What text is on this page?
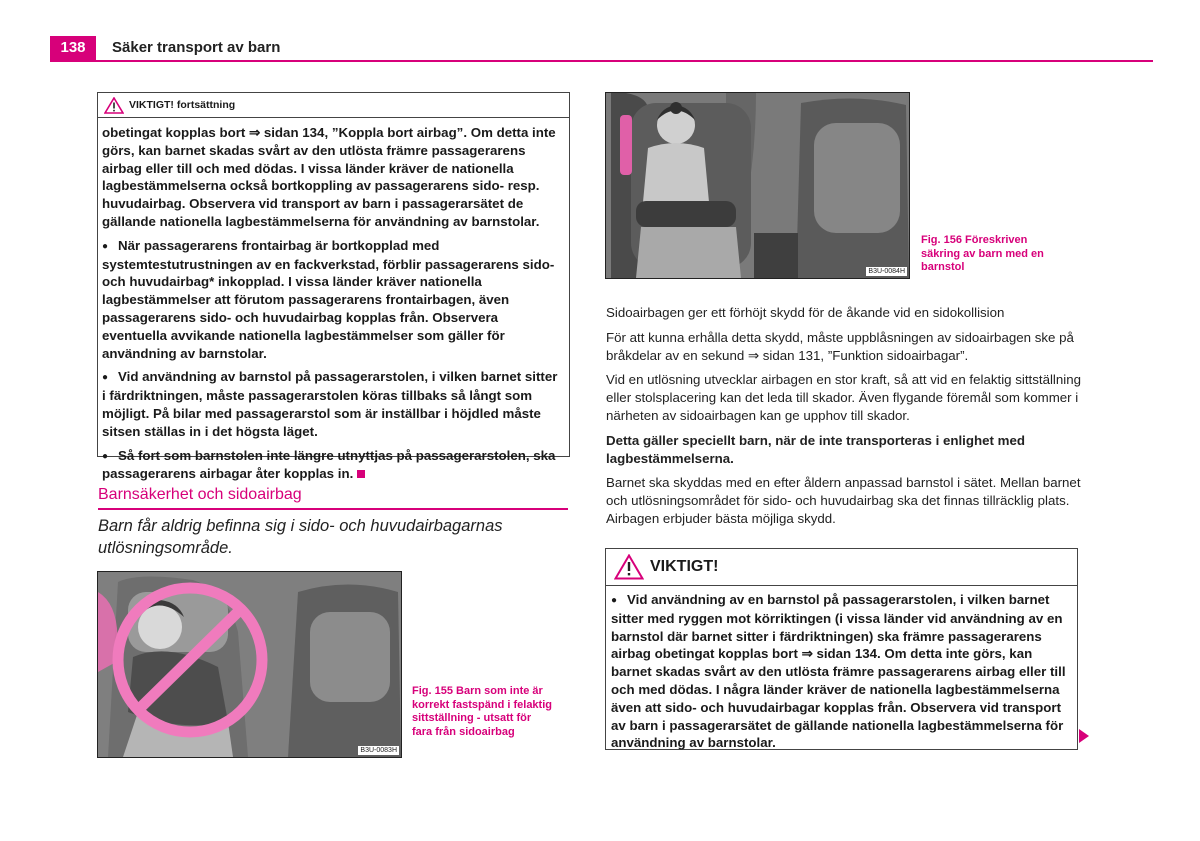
138	Säker transport av barn
VIKTIGT! fortsättning

obetingat kopplas bort ⇒ sidan 134, ”Koppla bort airbag”. Om detta inte görs, kan barnet skadas svårt av den utlösta främre passagerarens airbag eller till och med dödas. I vissa länder kräver de nationella lagbestämmelserna också bortkoppling av passagerarens sido- resp. huvudairbag. Observera vid transport av barn i passagerarsätet de gällande nationella lagbestämmelserna för användning av barnstolar.

● När passagerarens frontairbag är bortkopplad med systemtestutrustningen av en fackverkstad, förblir passagerarens sido- och huvudairbag* inkopplad. I vissa länder kräver nationella lagbestämmelser att förutom passagerarens frontairbagen, även passagerarens sido- och huvudairbag kopplas från. Observera eventuella avvikande nationella lagbestämmelser som gäller för användning av barnstolar.

● Vid användning av barnstol på passagerarstolen, i vilken barnet sitter i färdriktningen, måste passagerarstolen köras tillbaks så långt som möjligt. På bilar med passagerarstol som är inställbar i höjdled måste sitsen ställas in i det högsta läget.

● Så fort som barnstolen inte längre utnyttjas på passagerarstolen, ska passagerarens airbagar åter kopplas in.

Barnsäkerhet och sidoairbag
Barn får aldrig befinna sig i sido- och huvudairbagarnas utlösningsområde.
B3U-0083H
Fig. 155 Barn som inte är korrekt fastspänd i felaktig sittställning - utsatt för fara från sidoairbag
B3U-0084H
Fig. 156 Föreskriven säkring av barn med en barnstol

Sidoairbagen ger ett förhöjt skydd för de åkande vid en sidokollision

För att kunna erhålla detta skydd, måste uppblåsningen av sidoairbagen ske på bråkdelar av en sekund ⇒ sidan 131, ”Funktion sidoairbagar”.

Vid en utlösning utvecklar airbagen en stor kraft, så att vid en felaktig sittställning eller stolsplacering kan det leda till skador. Även flygande föremål som kommer i närheten av sidoairbagen kan ge upphov till skador.

Detta gäller speciellt barn, när de inte transporteras i enlighet med lagbestämmelserna.

Barnet ska skyddas med en efter åldern anpassad barnstol i sätet. Mellan barnet och utlösningsområdet för sido- och huvudairbag ska det finnas tillräcklig plats. Airbagen erbjuder bästa möjliga skydd.

VIKTIGT!

● Vid användning av en barnstol på passagerarstolen, i vilken barnet sitter med ryggen mot körriktingen (i vissa länder vid användning av en barnstol där barnet sitter i färdriktningen) ska främre passagerarens airbag obetingat kopplas bort ⇒ sidan 134. Om detta inte görs, kan barnet skadas svårt av den utlösta främre passagerarens airbag eller till och med dödas. I några länder kräver de nationella lagbestämmelserna även att sido- och huvudairbagar kopplas från. Observera vid transport av barn i passagerarsätet de gällande nationella lagbestämmelserna för användning av barnstolar.
